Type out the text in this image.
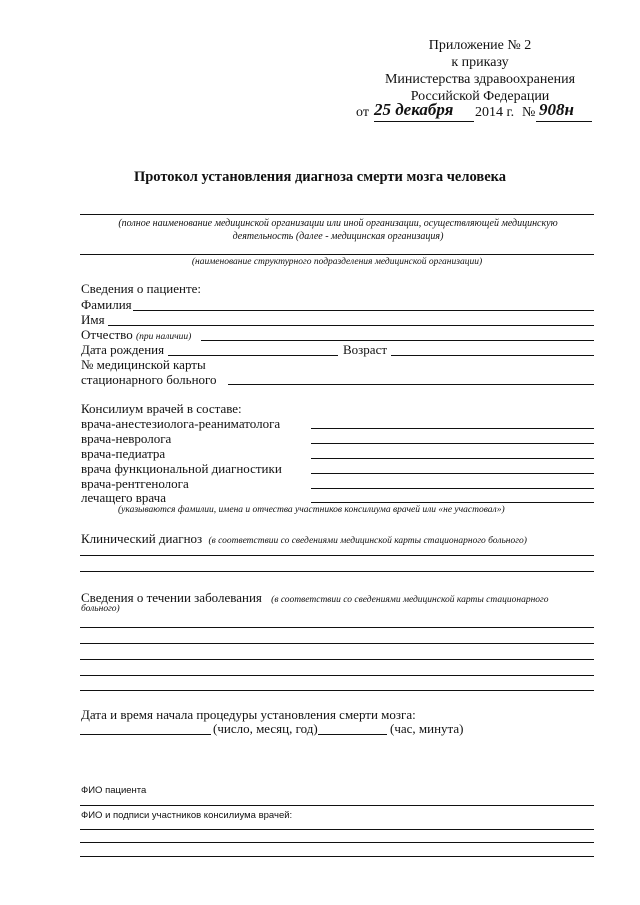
Приложение № 2
к приказу
Министерства здравоохранения
Российской Федерации
от 25 декабря 2014 г. № 908н
Протокол установления диагноза смерти мозга человека
(полное наименование медицинской организации или иной организации, осуществляющей медицинскую деятельность (далее - медицинская организация)
(наименование структурного подразделения медицинской организации)
Сведения о пациенте:
Фамилия
Имя
Отчество (при наличии)
Дата рождения	Возраст
№ медицинской карты
стационарного больного
Консилиум врачей в составе:
врача-анестезиолога-реаниматолога
врача-невролога
врача-педиатра
врача функциональной диагностики
врача-рентгенолога
лечащего врача
(указываются фамилии, имена и отчества участников консилиума врачей или «не участовал»)
Клинический диагноз (в соответствии со сведениями медицинской карты стационарного больного)
Сведения о течении заболевания (в соответствии со сведениями медицинской карты стационарного
больного)
Дата и время начала процедуры установления смерти мозга:
(число, месяц, год)	(час, минута)
ФИО пациента
ФИО и подписи участников консилиума врачей:
